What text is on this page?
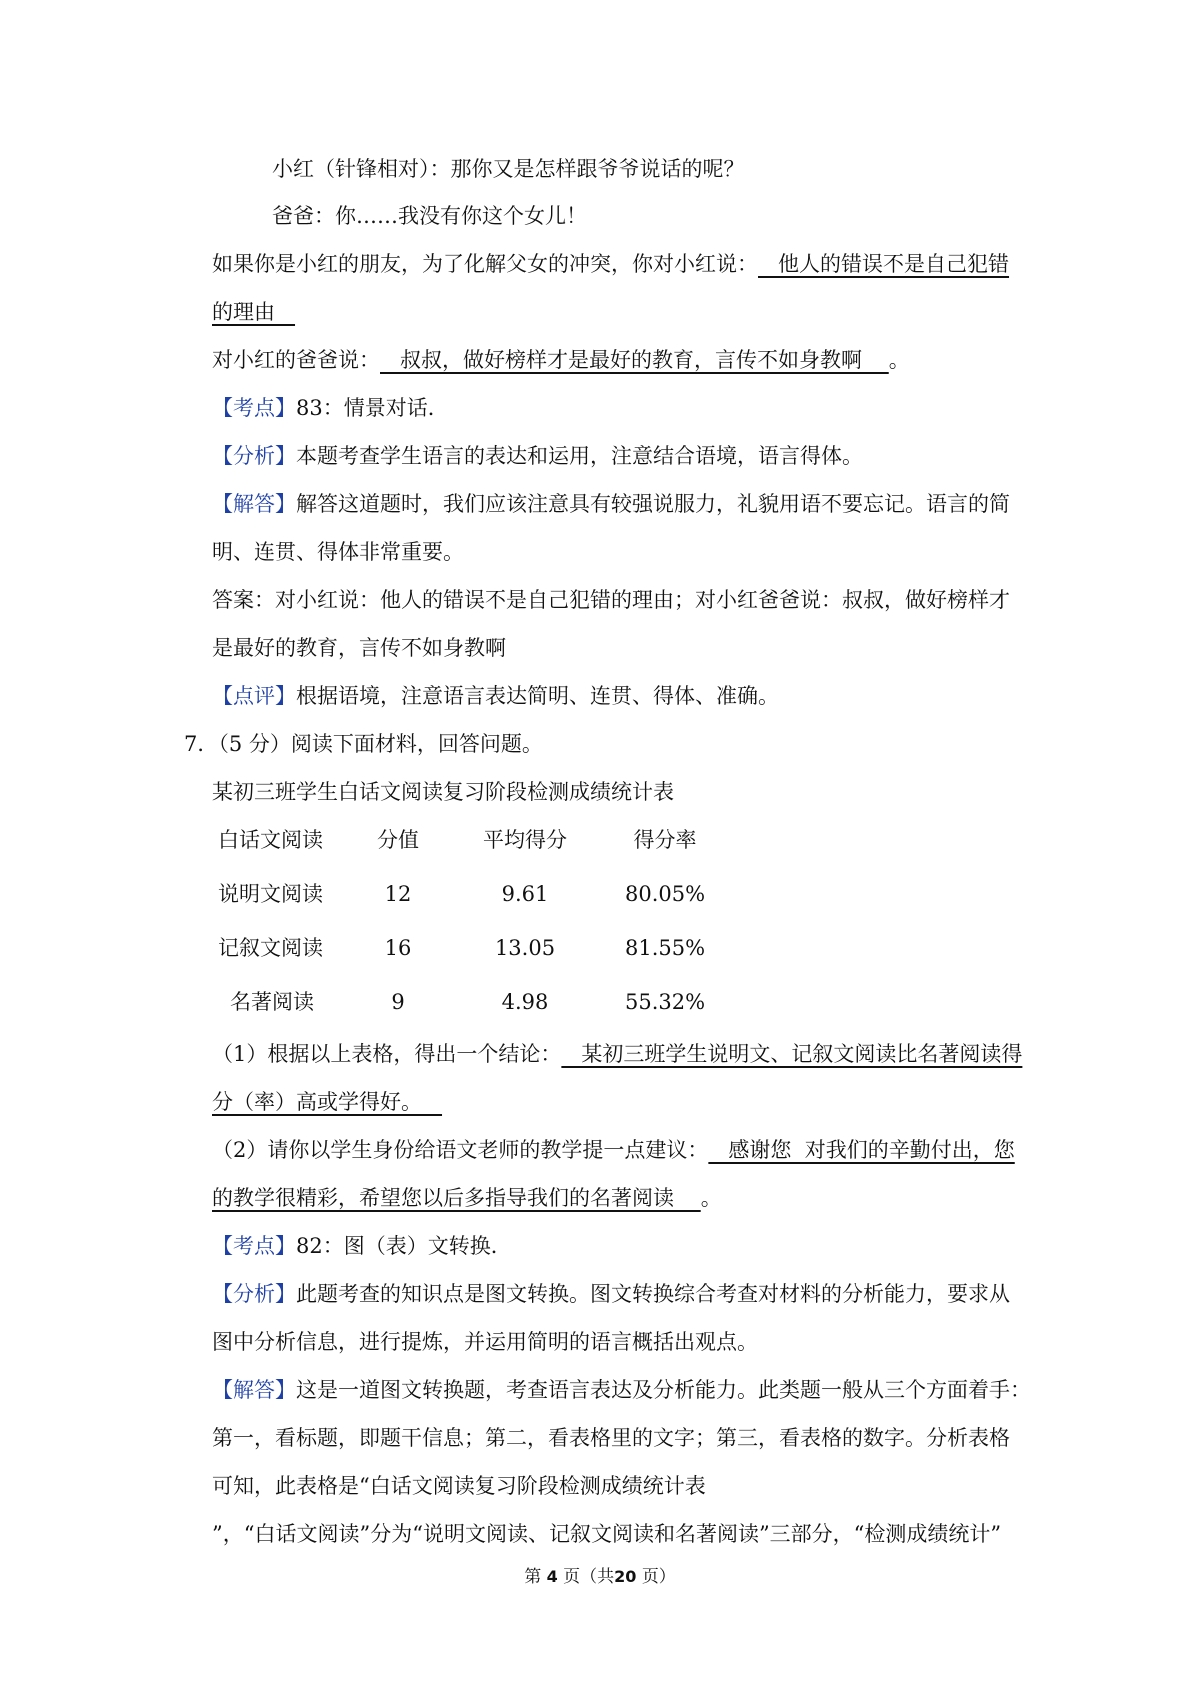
小红（针锋相对）：那你又是怎样跟爷爷说话的呢？
爸爸：你……我没有你这个女儿！
如果你是小红的朋友，为了化解父女的冲突，你对小红说：   他人的错误不是自己犯错
的理由
对小红的爸爸说：   叔叔，做好榜样才是最好的教育，言传不如身教啊    。
【考点】83：情景对话．
【分析】本题考查学生语言的表达和运用，注意结合语境，语言得体。
【解答】解答这道题时，我们应该注意具有较强说服力，礼貌用语不要忘记。语言的简
明、连贯、得体非常重要。
答案：对小红说：他人的错误不是自己犯错的理由；对小红爸爸说：叔叔，做好榜样才
是最好的教育，言传不如身教啊
【点评】根据语境，注意语言表达简明、连贯、得体、准确。
7．（5 分）阅读下面材料，回答问题。
某初三班学生白话文阅读复习阶段检测成绩统计表
白话文阅读	分值	平均得分	得分率
说明文阅读	12	9.61	80.05%
记叙文阅读	16	13.05	81.55%
名著阅读	9	4.98	55.32%
（1）根据以上表格，得出一个结论：   某初三班学生说明文、记叙文阅读比名著阅读得
分（率）高或学得好。
（2）请你以学生身份给语文老师的教学提一点建议：   感谢您  对我们的辛勤付出，您
的教学很精彩，希望您以后多指导我们的名著阅读    。
【考点】82：图（表）文转换．
【分析】此题考查的知识点是图文转换。图文转换综合考查对材料的分析能力，要求从
图中分析信息，进行提炼，并运用简明的语言概括出观点。
【解答】这是一道图文转换题，考查语言表达及分析能力。此类题一般从三个方面着手：
第一，看标题，即题干信息；第二，看表格里的文字；第三，看表格的数字。分析表格
可知，此表格是“白话文阅读复习阶段检测成绩统计表
”，“白话文阅读”分为“说明文阅读、记叙文阅读和名著阅读”三部分，“检测成绩统计”
第 4 页（共20 页）
